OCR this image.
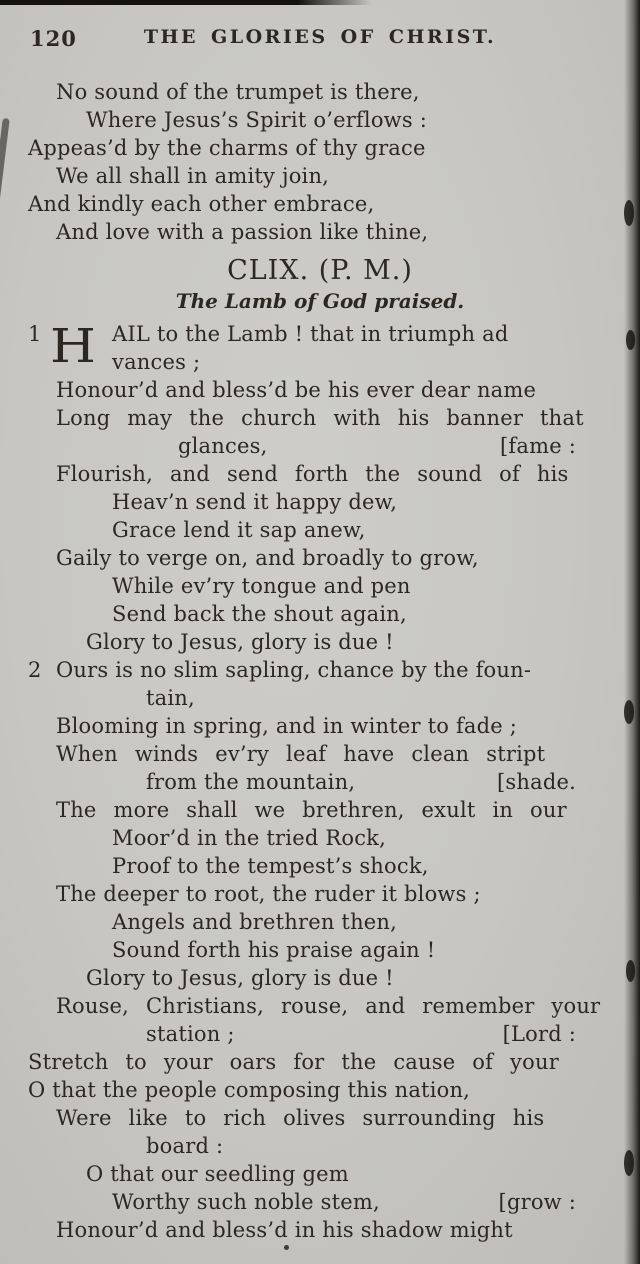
120	THE GLORIES OF CHRIST.
No sound of the trumpet is there,
Where Jesus’s Spirit o’erflows :
Appeas’d by the charms of thy grace
We all shall in amity join,
And kindly each other embrace,
And love with a passion like thine,
CLIX. (P. M.)
The Lamb of God praised.
1 H AIL to the Lamb ! that in triumph ad
vances ;
Honour’d and bless’d be his ever dear name
Long may the church with his banner that
glances,	[fame :
Flourish, and send forth the sound of his
Heav’n send it happy dew,
Grace lend it sap anew,
Gaily to verge on, and broadly to grow,
While ev’ry tongue and pen
Send back the shout again,
Glory to Jesus, glory is due !
2 Ours is no slim sapling, chance by the foun-
tain,
Blooming in spring, and in winter to fade ;
When winds ev’ry leaf have clean stript
from the mountain,	[shade.
The more shall we brethren, exult in our
Moor’d in the tried Rock,
Proof to the tempest’s shock,
The deeper to root, the ruder it blows ;
Angels and brethren then,
Sound forth his praise again !
Glory to Jesus, glory is due !
Rouse, Christians, rouse, and remember your
station ;	[Lord :
Stretch to your oars for the cause of your
O that the people composing this nation,
Were like to rich olives surrounding his
board :
O that our seedling gem
Worthy such noble stem,	[grow :
Honour’d and bless’d in his shadow might
